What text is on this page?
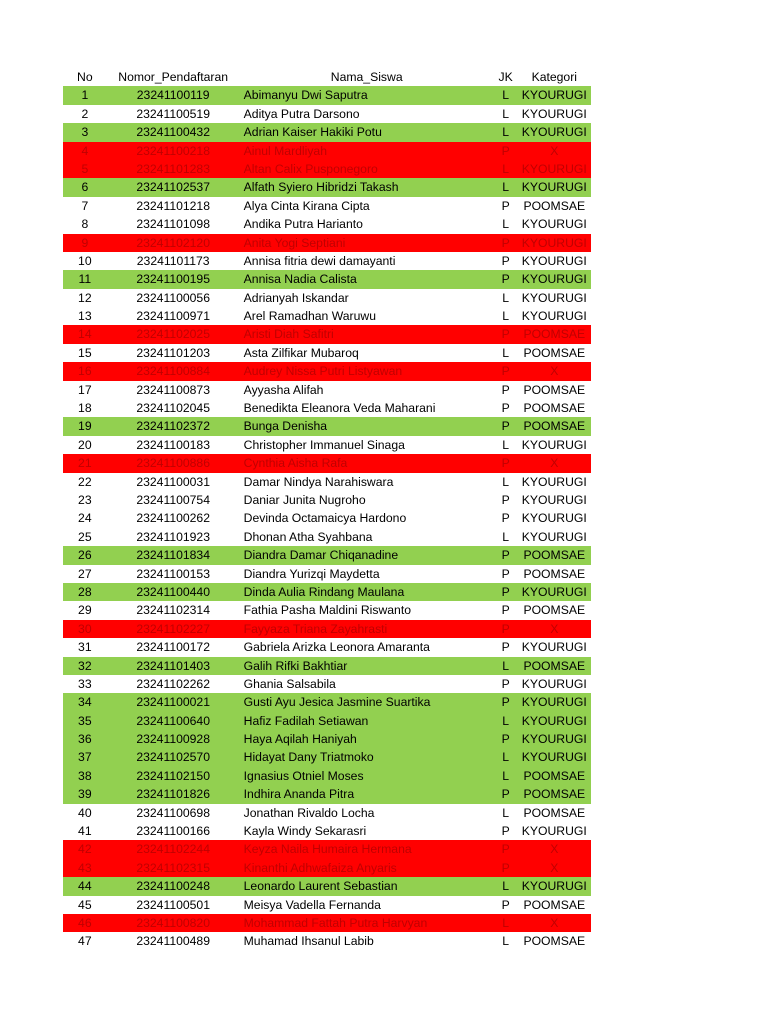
No	Nomor_Pendaftaran	Nama_Siswa	JK	Kategori
1	23241100119	Abimanyu Dwi Saputra	L	KYOURUGI
2	23241100519	Aditya Putra Darsono	L	KYOURUGI
3	23241100432	Adrian Kaiser Hakiki Potu	L	KYOURUGI
4	23241100218	Ainul Mardliyah	P	X
5	23241101283	Altan Calix Pusponegoro	L	KYOURUGI
6	23241102537	Alfath Syiero Hibridzi Takash	L	KYOURUGI
7	23241101218	Alya Cinta Kirana Cipta	P	POOMSAE
8	23241101098	Andika Putra Harianto	L	KYOURUGI
9	23241102120	Anita Yogi Septiani	P KYOURUGI
10	23241101173	Annisa fitria dewi damayanti	P KYOURUGI
11	23241100195	Annisa Nadia Calista	P KYOURUGI
12	23241100056	Adrianyah Iskandar	L	KYOURUGI
13	23241100971	Arel Ramadhan Waruwu	L	KYOURUGI
14	23241102025	Aristi Diah Safitri	P	POOMSAE
15	23241101203	Asta Zilfikar Mubaroq	L	POOMSAE
16	23241100884	Audrey Nissa Putri Listyawan	P	X
17	23241100873	Ayyasha Alifah	P	POOMSAE
18	23241102045	Benedikta Eleanora Veda Maharani	P	POOMSAE
19	23241102372	Bunga Denisha	P	POOMSAE
20	23241100183	Christopher Immanuel Sinaga	L	KYOURUGI
21	23241100886	Cynthia Aisha Rafa	P	X
22	23241100031	Damar Nindya Narahiswara	L	KYOURUGI
23	23241100754	Daniar Junita Nugroho	P KYOURUGI
24	23241100262	Devinda Octamaicya Hardono	P KYOURUGI
25	23241101923	Dhonan Atha Syahbana	L	KYOURUGI
26	23241101834	Diandra Damar Chiqanadine	P	POOMSAE
27	23241100153	Diandra Yurizqi Maydetta	P	POOMSAE
28	23241100440	Dinda Aulia Rindang Maulana	P KYOURUGI
29	23241102314	Fathia Pasha Maldini Riswanto	P	POOMSAE
30	23241102227	Fayyaza Triana Zayahrasti	P	X
31	23241100172	Gabriela Arizka Leonora Amaranta	P KYOURUGI
32	23241101403	Galih Rifki Bakhtiar	L	POOMSAE
33	23241102262	Ghania Salsabila	P KYOURUGI
34	23241100021	Gusti Ayu Jesica Jasmine Suartika	P KYOURUGI
35	23241100640	Hafiz Fadilah Setiawan	L	KYOURUGI
36	23241100928	Haya Aqilah Haniyah	P KYOURUGI
37	23241102570	Hidayat Dany Triatmoko	L	KYOURUGI
38	23241102150	Ignasius Otniel Moses	L	POOMSAE
39	23241101826	Indhira Ananda Pitra	P	POOMSAE
40	23241100698	Jonathan Rivaldo Locha	L	POOMSAE
41	23241100166	Kayla Windy Sekarasri	P KYOURUGI
42	23241102244	Keyza Naila Humaira Hermana	P	X
43	23241102315	Kinanthi Adhwafaiza Anyaris	P	X
44	23241100248	Leonardo Laurent Sebastian	L	KYOURUGI
45	23241100501	Meisya Vadella Fernanda	P	POOMSAE
46	23241100820	Mohammad Fattah Putra Harvyan	L	X
47	23241100489	Muhamad Ihsanul Labib	L	POOMSAE
